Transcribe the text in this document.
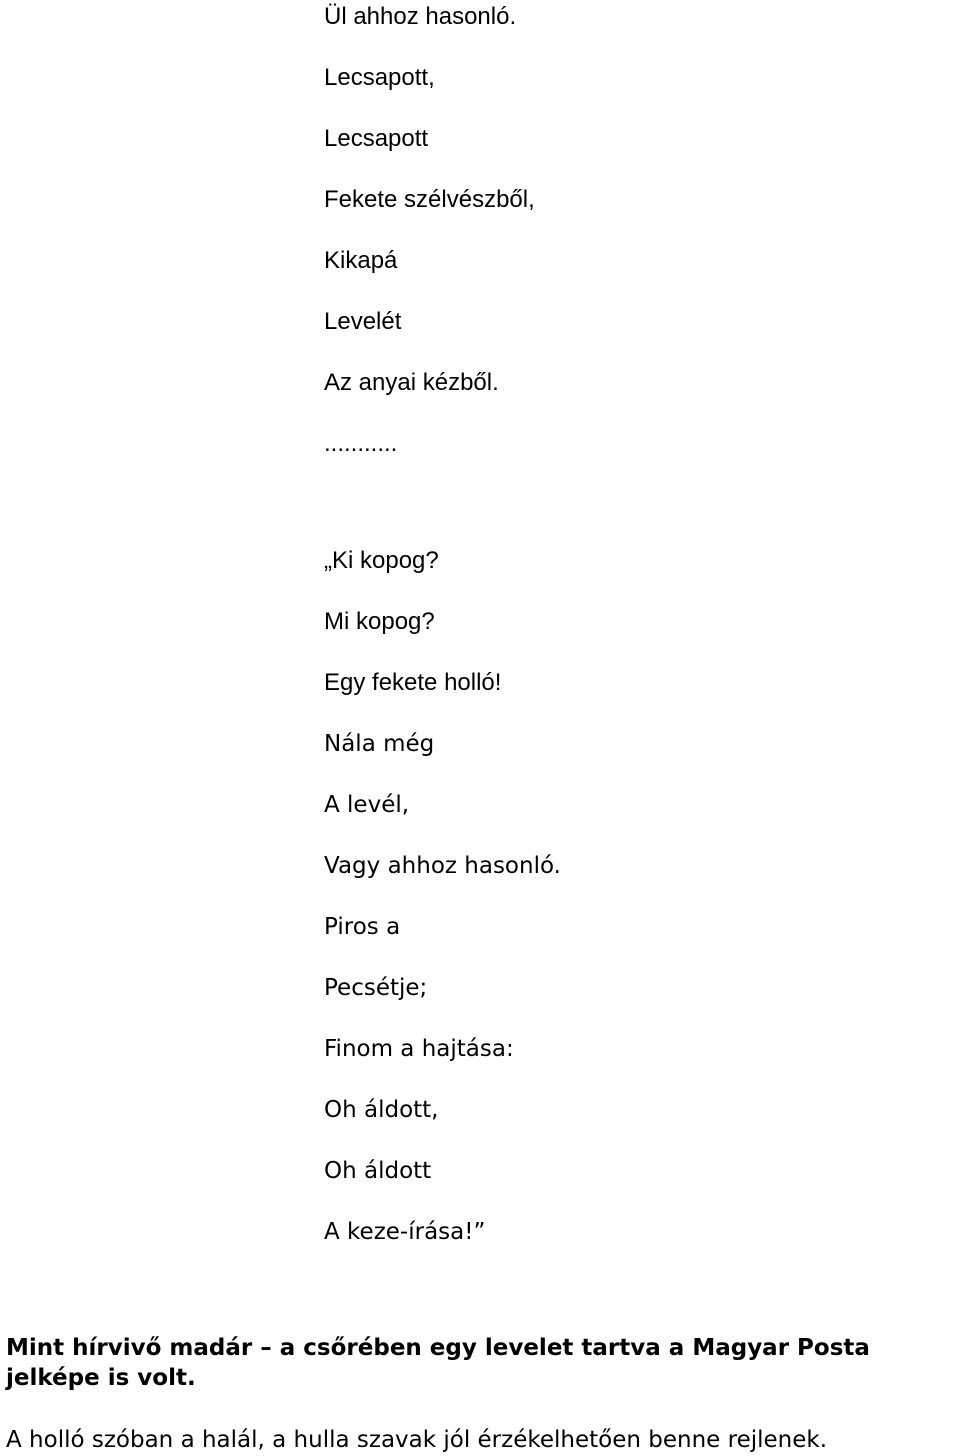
Ül ahhoz hasonló.
Lecsapott,
Lecsapott
Fekete szélvészből,
Kikapá
Levelét
Az anyai kézből.
...........
„Ki kopog?
Mi kopog?
Egy fekete holló!
Nála még
A levél,
Vagy ahhoz hasonló.
Piros a
Pecsétje;
Finom a hajtása:
Oh áldott,
Oh áldott
A keze-írása!”
Mint hírvivő madár – a csőrében egy levelet tartva a Magyar Posta
jelképe is volt.
A holló szóban a halál, a hulla szavak jól érzékelhetően benne rejlenek.
